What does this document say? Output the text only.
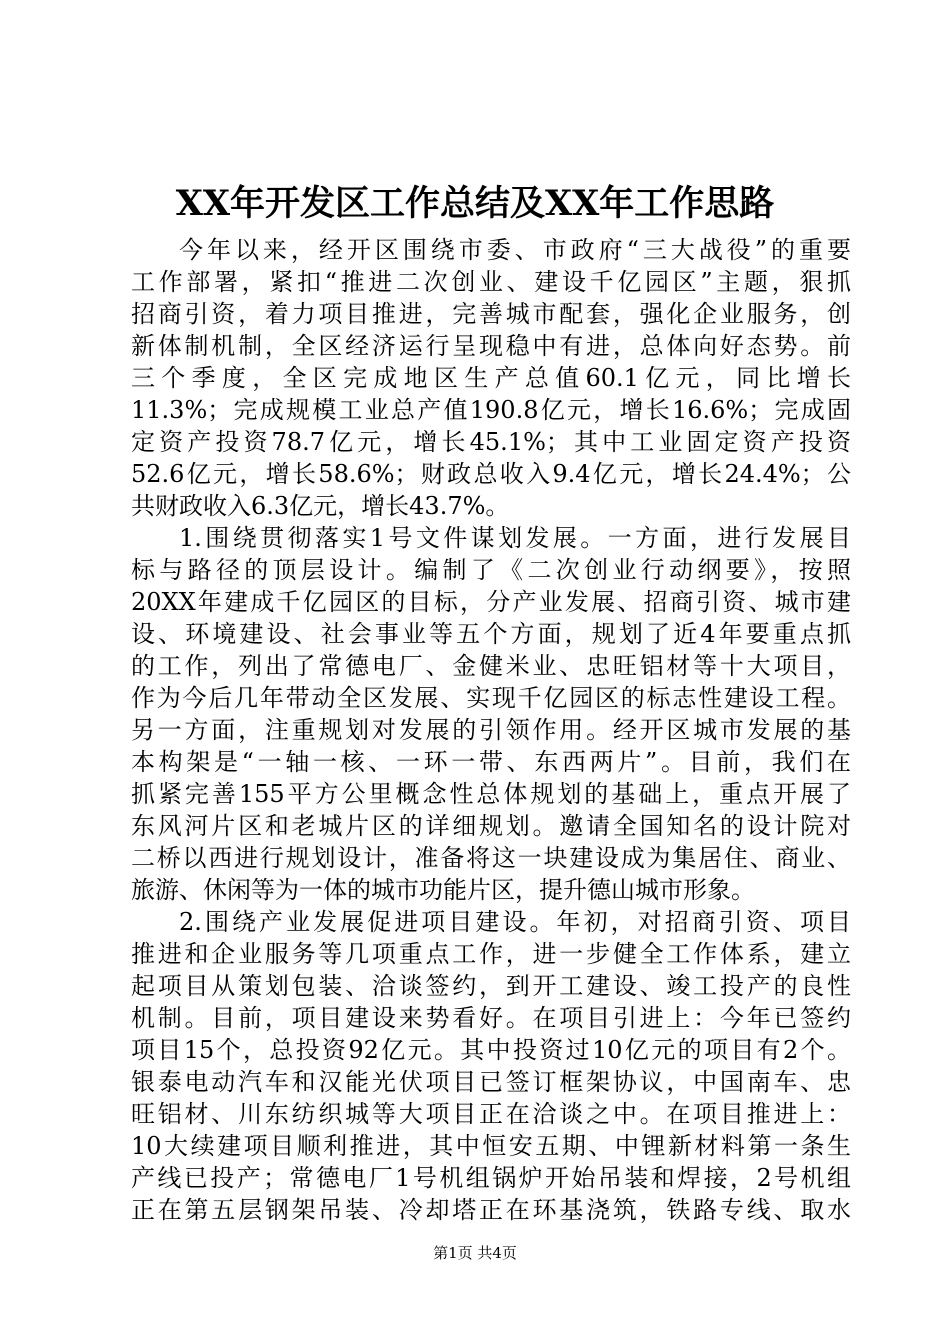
XX年开发区工作总结及XX年工作思路
今年以来，经开区围绕市委、市政府“三大战役”的重要
工作部署，紧扣“推进二次创业、建设千亿园区”主题，狠抓
招商引资，着力项目推进，完善城市配套，强化企业服务，创
新体制机制，全区经济运行呈现稳中有进，总体向好态势。前
三个季度，全区完成地区生产总值60.1亿元，同比增长
11.3%；完成规模工业总产值190.8亿元，增长16.6%；完成固
定资产投资78.7亿元，增长45.1%；其中工业固定资产投资
52.6亿元，增长58.6%；财政总收入9.4亿元，增长24.4%；公
共财政收入6.3亿元，增长43.7%。
1.围绕贯彻落实1号文件谋划发展。一方面，进行发展目
标与路径的顶层设计。编制了《二次创业行动纲要》，按照
20XX年建成千亿园区的目标，分产业发展、招商引资、城市建
设、环境建设、社会事业等五个方面，规划了近4年要重点抓
的工作，列出了常德电厂、金健米业、忠旺铝材等十大项目，
作为今后几年带动全区发展、实现千亿园区的标志性建设工程。
另一方面，注重规划对发展的引领作用。经开区城市发展的基
本构架是“一轴一核、一环一带、东西两片”。目前，我们在
抓紧完善155平方公里概念性总体规划的基础上，重点开展了
东风河片区和老城片区的详细规划。邀请全国知名的设计院对
二桥以西进行规划设计，准备将这一块建设成为集居住、商业、
旅游、休闲等为一体的城市功能片区，提升德山城市形象。
2.围绕产业发展促进项目建设。年初，对招商引资、项目
推进和企业服务等几项重点工作，进一步健全工作体系，建立
起项目从策划包装、洽谈签约，到开工建设、竣工投产的良性
机制。目前，项目建设来势看好。在项目引进上：今年已签约
项目15个，总投资92亿元。其中投资过10亿元的项目有2个。
银泰电动汽车和汉能光伏项目已签订框架协议，中国南车、忠
旺铝材、川东纺织城等大项目正在洽谈之中。在项目推进上：
10大续建项目顺利推进，其中恒安五期、中锂新材料第一条生
产线已投产；常德电厂1号机组锅炉开始吊装和焊接，2号机组
正在第五层钢架吊装、冷却塔正在环基浇筑，铁路专线、取水
第1页 共4页
